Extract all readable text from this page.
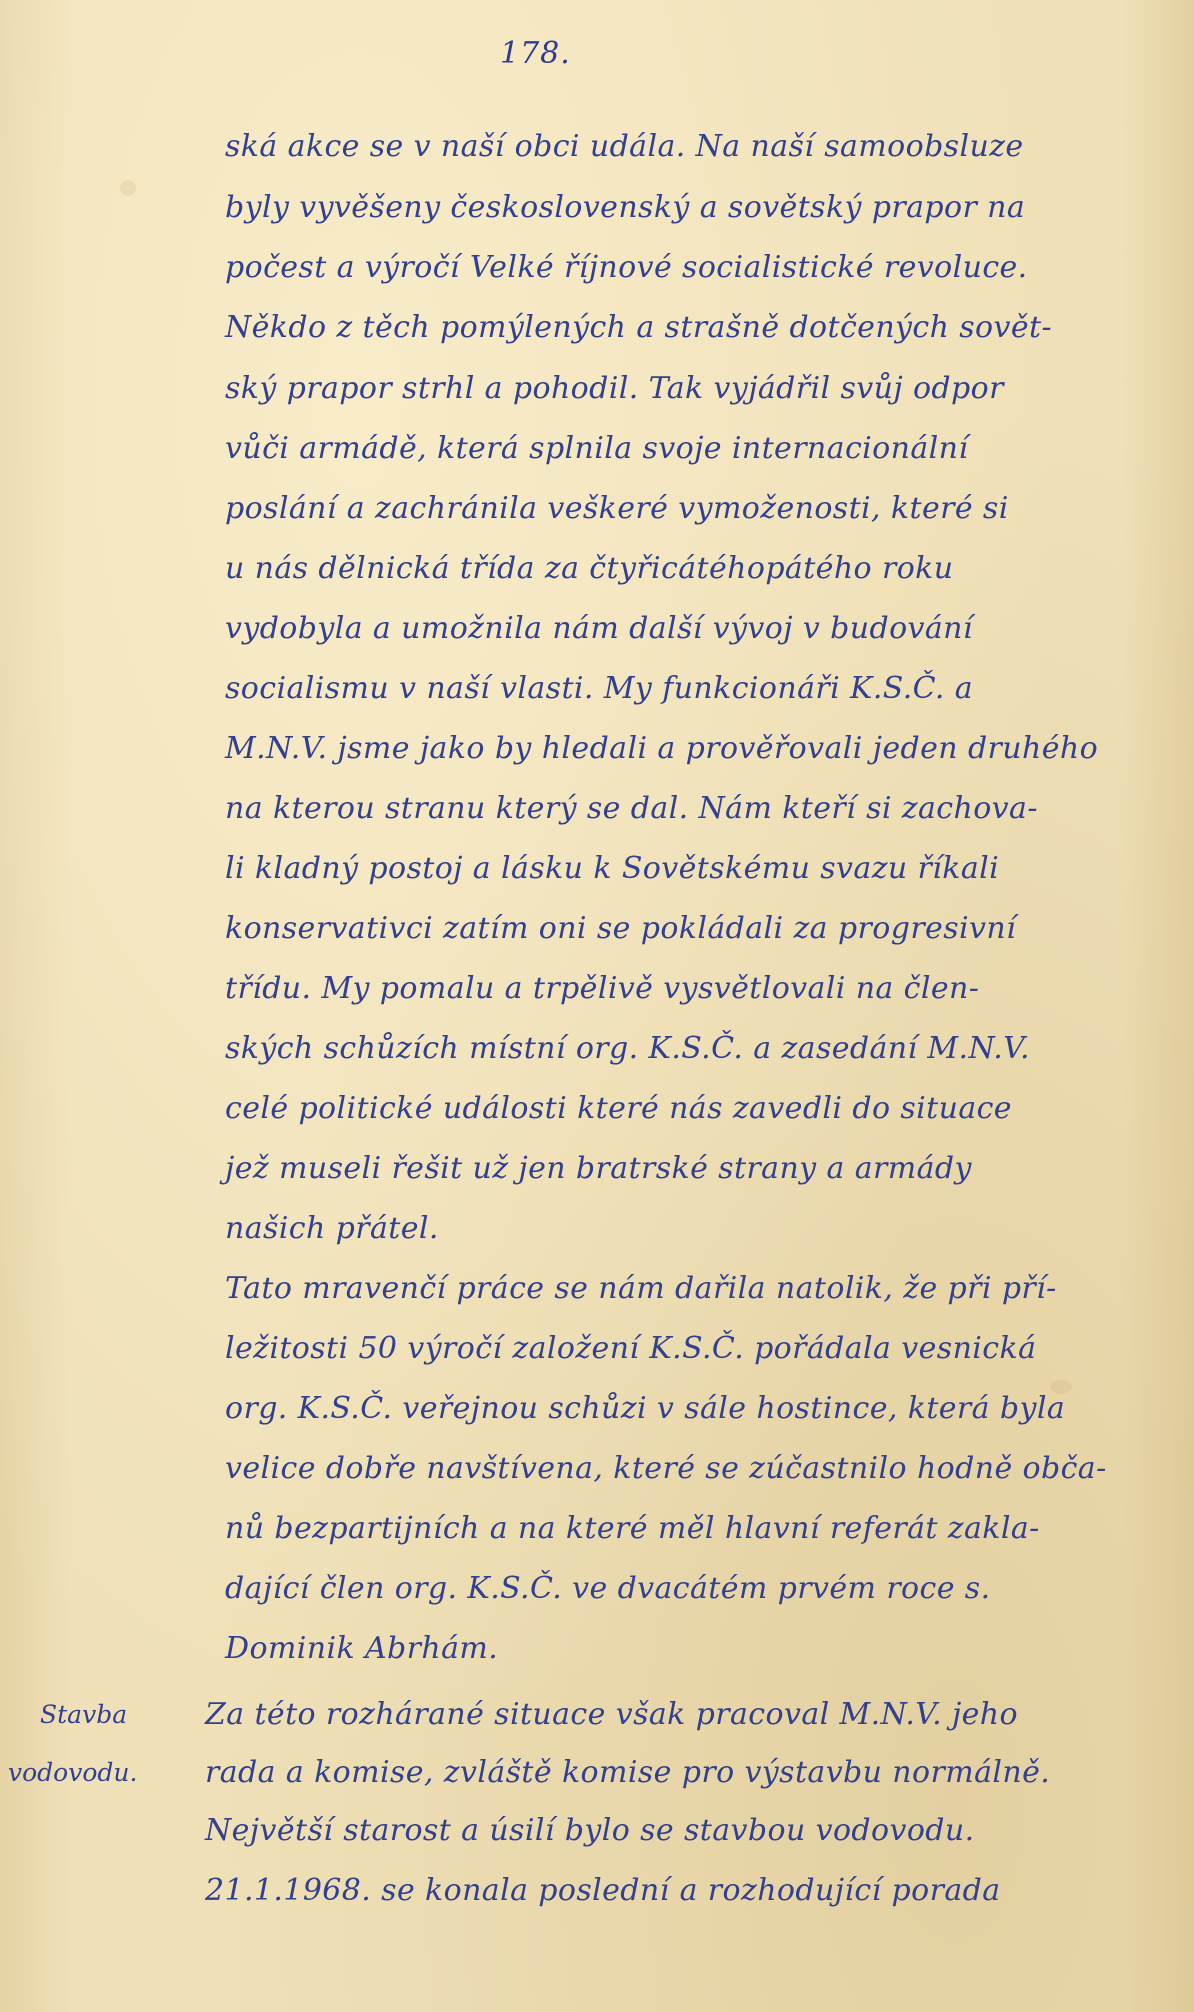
178.
Stavba
vodovodu.
ská akce se v naší obci udála. Na naší samoobsluze
byly vyvěšeny československý a sovětský prapor na
počest a výročí Velké říjnové socialistické revoluce.
Někdo z těch pomýlených a strašně dotčených sovět-
ský prapor strhl a pohodil. Tak vyjádřil svůj odpor
vůči armádě, která splnila svoje internacionální
poslání a zachránila veškeré vymoženosti, které si
u nás dělnická třída za čtyřicátéhopátého roku
vydobyla a umožnila nám další vývoj v budování
socialismu v naší vlasti. My funkcionáři K.S.Č. a
M.N.V. jsme jako by hledali a prověřovali jeden druhého
na kterou stranu který se dal. Nám kteří si zachova-
li kladný postoj a lásku k Sovětskému svazu říkali
konservativci zatím oni se pokládali za progresivní
třídu. My pomalu a trpělivě vysvětlovali na člen-
ských schůzích místní org. K.S.Č. a zasedání M.N.V.
celé politické události které nás zavedli do situace
jež museli řešit už jen bratrské strany a armády
našich přátel.
Tato mravenčí práce se nám dařila natolik, že při pří-
ležitosti 50 výročí založení K.S.Č. pořádala vesnická
org. K.S.Č. veřejnou schůzi v sále hostince, která byla
velice dobře navštívena, které se zúčastnilo hodně obča-
nů bezpartijních a na které měl hlavní referát zakla-
dající člen org. K.S.Č. ve dvacátém prvém roce s.
Dominik Abrhám.
Za této rozhárané situace však pracoval M.N.V. jeho
rada a komise, zvláště komise pro výstavbu normálně.
Největší starost a úsilí bylo se stavbou vodovodu.
21.1.1968. se konala poslední a rozhodující porada
